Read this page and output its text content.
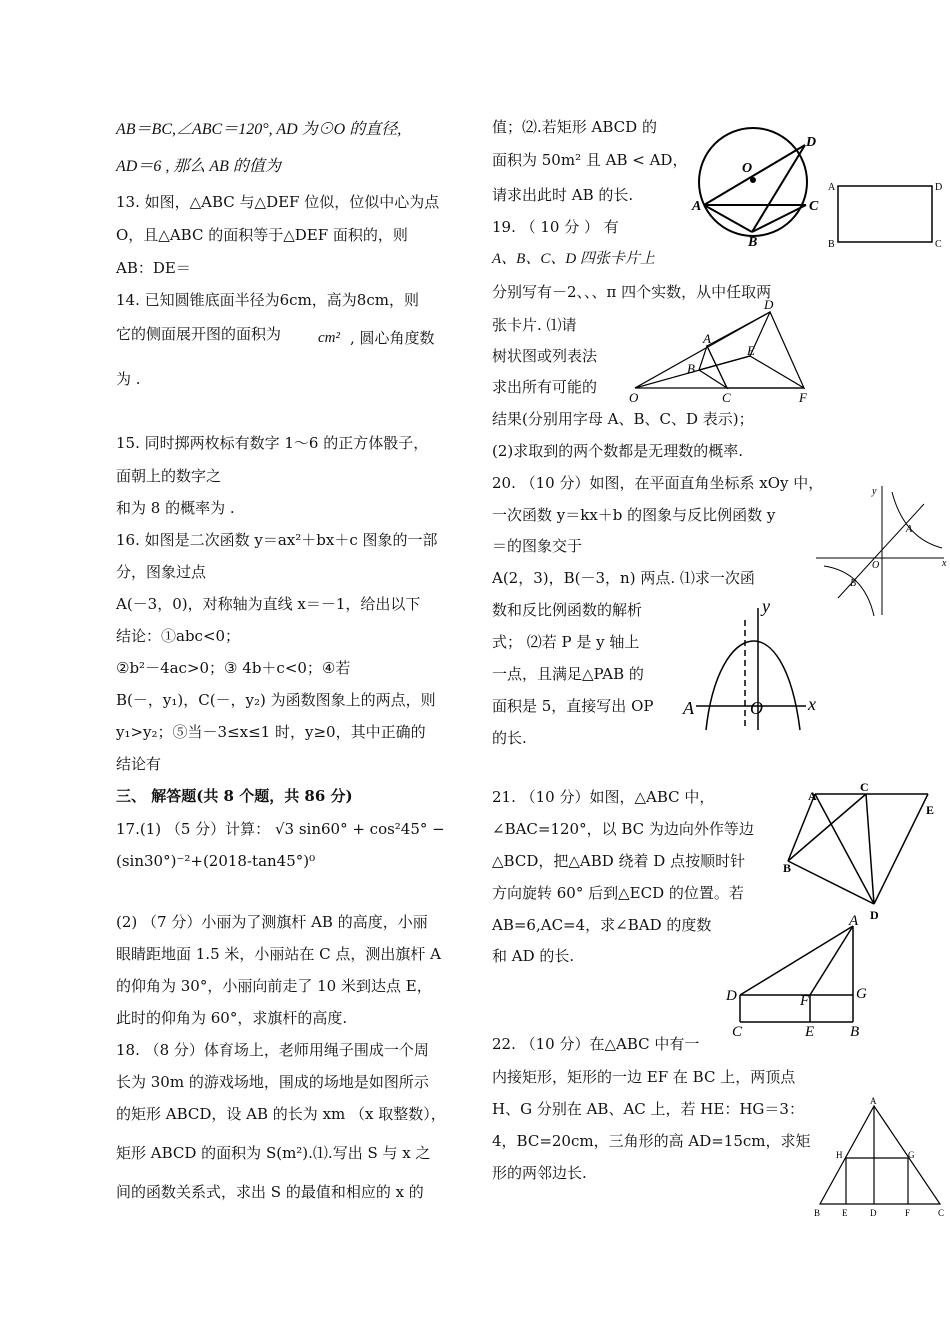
AB＝BC,∠ABC＝120°, AD 为⊙O 的直径,
AD＝6 , 那么 AB 的值为
13. 如图，△ABC 与△DEF 位似，位似中心为点
O，且△ABC 的面积等于△DEF 面积的，则
AB：DE＝
14. 已知圆锥底面半径为6cm，高为8cm，则
它的侧面展开图的面积为 cm² , 圆心角度数
为 .
15. 同时掷两枚标有数字 1～6 的正方体骰子，
面朝上的数字之
和为 8 的概率为 .
16. 如图是二次函数 y＝ax²＋bx＋c 图象的一部
分，图象过点
A(－3，0)，对称轴为直线 x＝－1，给出以下
结论：①abc<0；
②b²－4ac>0；③ 4b＋c<0；④若
B(－，y₁)，C(－，y₂) 为函数图象上的两点，则
y₁>y₂；⑤当－3≤x≤1 时，y≥0，其中正确的
结论有
三、 解答题(共 8 个题，共 86 分)
17.(1) （5 分）计算： √3 sin60° + cos²45° −
(sin30°)⁻²+(2018-tan45°)⁰
(2) （7 分）小丽为了测旗杆 AB 的高度，小丽
眼睛距地面 1.5 米，小丽站在 C 点，测出旗杆 A
的仰角为 30°，小丽向前走了 10 米到达点 E，
此时的仰角为 60°，求旗杆的高度.
18. （8 分）体育场上，老师用绳子围成一个周
长为 30m 的游戏场地，围成的场地是如图所示
的矩形 ABCD，设 AB 的长为 xm （x 取整数），
矩形 ABCD 的面积为 S(m²).⑴.写出 S 与 x 之
间的函数关系式，求出 S 的最值和相应的 x 的
值；⑵.若矩形 ABCD 的
面积为 50m² 且 AB < AD，
请求出此时 AB 的长.
19. （ 10 分 ） 有
A、B、C、D 四张卡片上
分别写有－2、、、π 四个实数，从中任取两
张卡片. ⑴请
树状图或列表法
求出所有可能的
结果(分别用字母 A、B、C、D 表示)；
(2)求取到的两个数都是无理数的概率.
20. （10 分）如图，在平面直角坐标系 xOy 中，
一次函数 y＝kx＋b 的图象与反比例函数 y
＝的图象交于
A(2，3)，B(－3，n) 两点. ⑴求一次函
数和反比例函数的解析
式； ⑵若 P 是 y 轴上
一点，且满足△PAB 的
面积是 5，直接写出 OP
的长.
21. （10 分）如图，△ABC 中，
∠BAC=120°，以 BC 为边向外作等边
△BCD，把△ABD 绕着 D 点按顺时针
方向旋转 60° 后到△ECD 的位置。若
AB=6,AC=4，求∠BAD 的度数
和 AD 的长.
22. （10 分）在△ABC 中有一
内接矩形，矩形的一边 EF 在 BC 上，两顶点
H、G 分别在 AB、AC 上，若 HE：HG＝3：
4，BC=20cm，三角形的高 AD=15cm，求矩
形的两邻边长.
D
O
A	C
B
A	D
B	C
D
A
E
B
O	C	F
y
A
O	x
B
y
A	O	x
A
C
E
B
D
A
D	F	G
C	E B
A
H	G
B E	D	F	C
